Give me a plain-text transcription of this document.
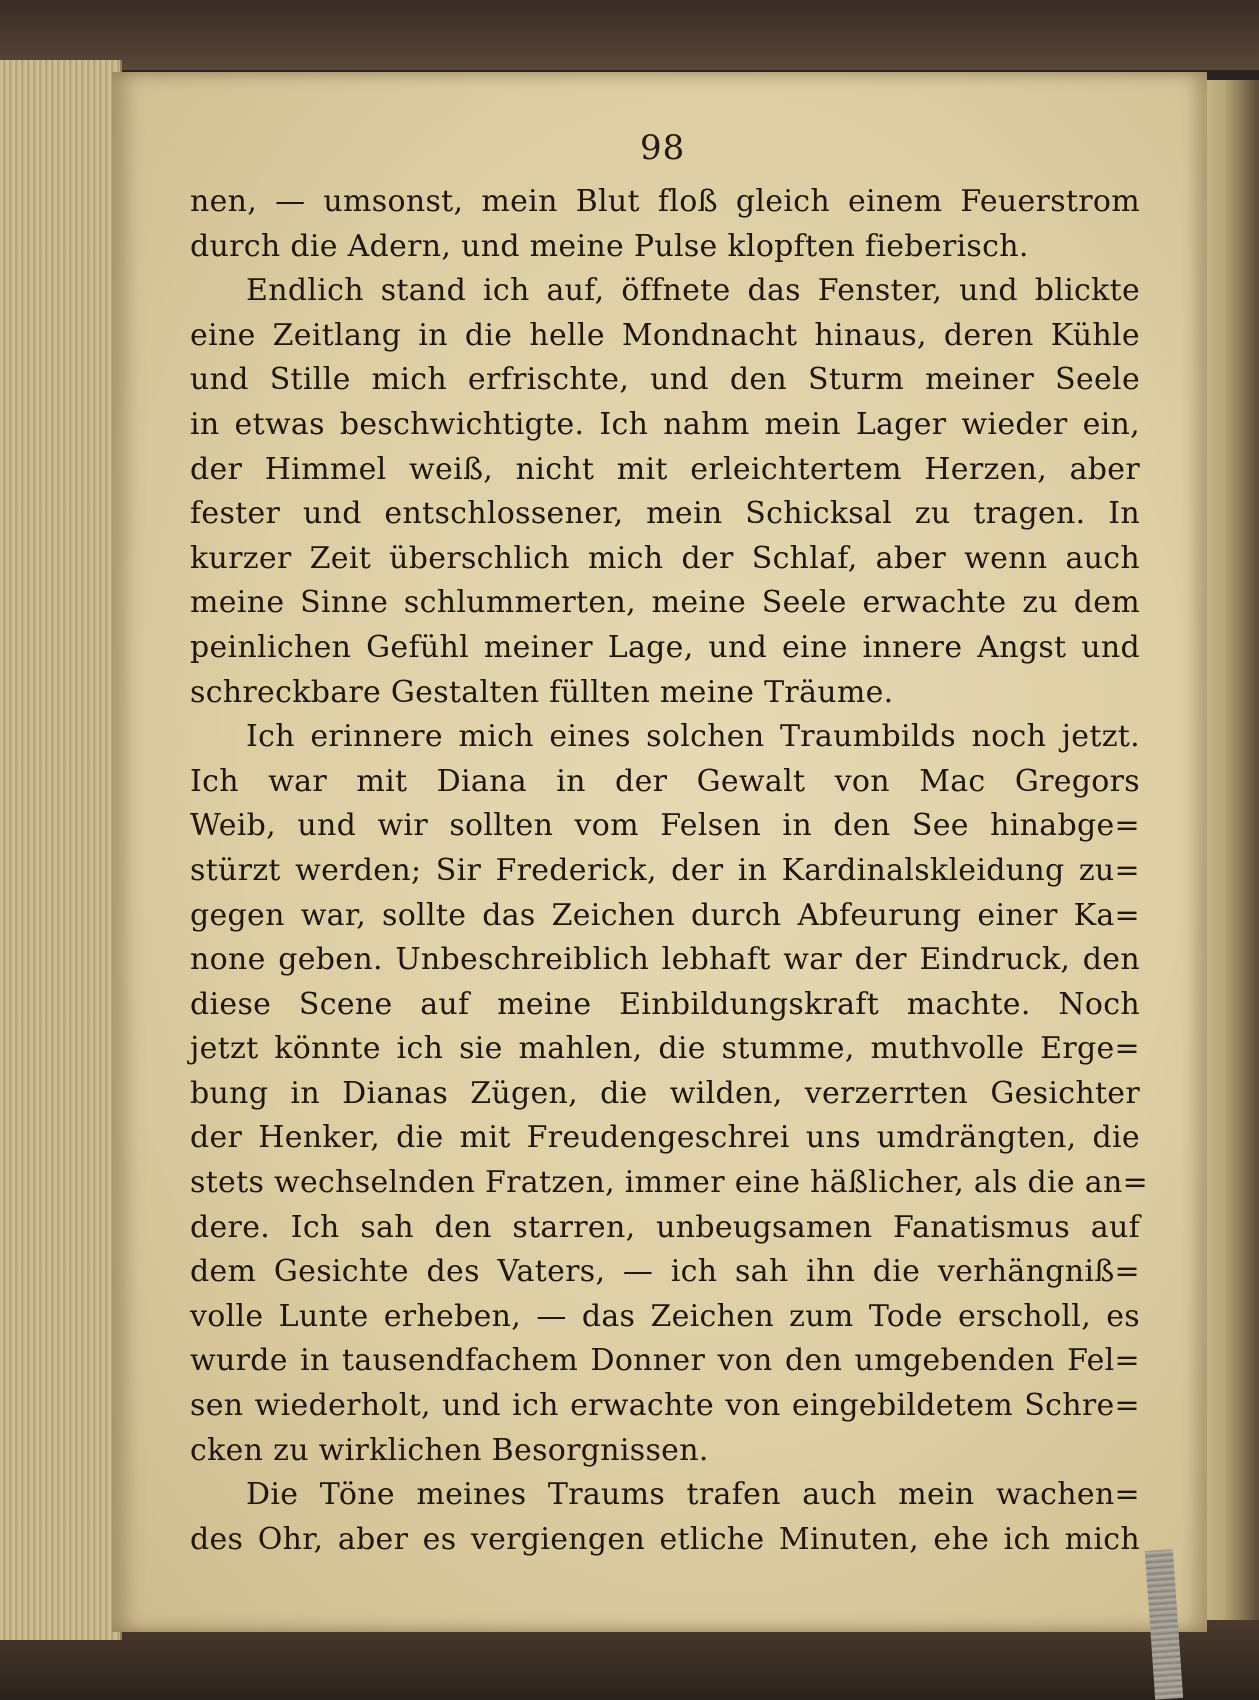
98
nen, — umsonst, mein Blut floß gleich einem Feuerstrom
durch die Adern, und meine Pulse klopften fieberisch.
Endlich stand ich auf, öffnete das Fenster, und blickte
eine Zeitlang in die helle Mondnacht hinaus, deren Kühle
und Stille mich erfrischte, und den Sturm meiner Seele
in etwas beschwichtigte. Ich nahm mein Lager wieder ein,
der Himmel weiß, nicht mit erleichtertem Herzen, aber
fester und entschlossener, mein Schicksal zu tragen. In
kurzer Zeit überschlich mich der Schlaf, aber wenn auch
meine Sinne schlummerten, meine Seele erwachte zu dem
peinlichen Gefühl meiner Lage, und eine innere Angst und
schreckbare Gestalten füllten meine Träume.
Ich erinnere mich eines solchen Traumbilds noch jetzt.
Ich war mit Diana in der Gewalt von Mac Gregors
Weib, und wir sollten vom Felsen in den See hinabge=
stürzt werden; Sir Frederick, der in Kardinalskleidung zu=
gegen war, sollte das Zeichen durch Abfeurung einer Ka=
none geben. Unbeschreiblich lebhaft war der Eindruck, den
diese Scene auf meine Einbildungskraft machte. Noch
jetzt könnte ich sie mahlen, die stumme, muthvolle Erge=
bung in Dianas Zügen, die wilden, verzerrten Gesichter
der Henker, die mit Freudengeschrei uns umdrängten, die
stets wechselnden Fratzen, immer eine häßlicher, als die an=
dere. Ich sah den starren, unbeugsamen Fanatismus auf
dem Gesichte des Vaters, — ich sah ihn die verhängniß=
volle Lunte erheben, — das Zeichen zum Tode erscholl, es
wurde in tausendfachem Donner von den umgebenden Fel=
sen wiederholt, und ich erwachte von eingebildetem Schre=
cken zu wirklichen Besorgnissen.
Die Töne meines Traums trafen auch mein wachen=
des Ohr, aber es vergiengen etliche Minuten, ehe ich mich
